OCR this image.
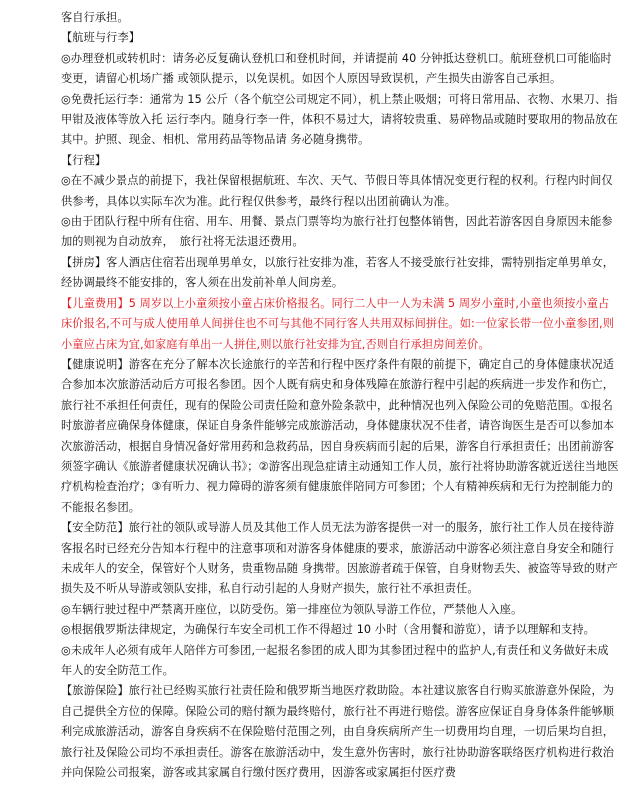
客自行承担。

【航班与行李】

◎办理登机或转机时：请务必反复确认登机口和登机时间，并请提前 40 分钟抵达登机口。航班登机口可能临时变更，请留心机场广播 或领队提示，以免误机。如因个人原因导致误机，产生损失由游客自己承担。

◎免费托运行李：通常为 15 公斤（各个航空公司规定不同），机上禁止吸烟；可将日常用品、衣物、水果刀、指甲钳及液体等放入托 运行李内。随身行李一件，体积不易过大，请将较贵重、易碎物品或随时要取用的物品放在其中。护照、现金、相机、常用药品等物品请 务必随身携带。

【行程】

◎在不减少景点的前提下，我社保留根据航班、车次、天气、节假日等具体情况变更行程的权利。行程内时间仅供参考，具体以实际车次为准。此行程仅供参考，最终行程以出团前确认为准。

◎由于团队行程中所有住宿、用车、用餐、景点门票等均为旅行社打包整体销售，因此若游客因自身原因未能参加的则视为自动放弃，　旅行社将无法退还费用。

【拼房】客人酒店住宿若出现单男单女，以旅行社安排为准，若客人不接受旅行社安排，需特别指定单男单女，经协调最终不能安排的，客人须在出发前补单人间房差。

【儿童费用】5 周岁以上小童须按小童占床价格报名。同行二人中一人为未满 5 周岁小童时,小童也须按小童占床价报名,不可与成人使用单人间拼住也不可与其他不同行客人共用双标间拼住。如:一位家长带一位小童参团,则小童应占床为宜,如家庭有单出一人拼住,则以旅行社安排为宜,否则自行承担房间差价。

【健康说明】游客在充分了解本次长途旅行的辛苦和行程中医疗条件有限的前提下，确定自己的身体健康状况适合参加本次旅游活动后方可报名参团。因个人既有病史和身体残障在旅游行程中引起的疾病进一步发作和伤亡，旅行社不承担任何责任，现有的保险公司责任险和意外险条款中，此种情况也列入保险公司的免赔范围。①报名时旅游者应确保身体健康，保证自身条件能够完成旅游活动，身体健康状况不佳者，请咨询医生是否可以参加本次旅游活动，根据自身情况备好常用药和急救药品，因自身疾病而引起的后果，游客自行承担责任；出团前游客须签字确认《旅游者健康状况确认书》；②游客出现急症请主动通知工作人员，旅行社将协助游客就近送往当地医疗机构检查治疗；③有听力、视力障碍的游客须有健康旅伴陪同方可参团；个人有精神疾病和无行为控制能力的不能报名参团。

【安全防范】旅行社的领队或导游人员及其他工作人员无法为游客提供一对一的服务，旅行社工作人员在接待游客报名时已经充分告知本行程中的注意事项和对游客身体健康的要求，旅游活动中游客必须注意自身安全和随行未成年人的安全，保管好个人财务，贵重物品随 身携带。因旅游者疏于保管，自身财物丢失、被盗等导致的财产损失及不听从导游或领队安排，私自行动引起的人身财产损失，旅行社不承担责任。

◎车辆行驶过程中严禁离开座位，以防受伤。第一排座位为领队导游工作位，严禁他人入座。

◎根据俄罗斯法律规定，为确保行车安全司机工作不得超过 10 小时（含用餐和游览），请予以理解和支持。

◎未成年人必须有成年人陪伴方可参团,一起报名参团的成人即为其参团过程中的监护人,有责任和义务做好未成年人的安全防范工作。

【旅游保险】旅行社已经购买旅行社责任险和俄罗斯当地医疗救助险。本社建议旅客自行购买旅游意外保险，为自己提供全方位的保障。保险公司的赔付额为最终赔付，旅行社不再进行赔偿。游客应保证自身身体条件能够顺利完成旅游活动，游客自身疾病不在保险赔付范围之列，由自身疾病所产生一切费用均自理，一切后果均自担，旅行社及保险公司均不承担责任。游客在旅游活动中，发生意外伤害时，旅行社协助游客联络医疗机构进行救治并向保险公司报案，游客或其家属自行缴付医疗费用，因游客或家属拒付医疗费
